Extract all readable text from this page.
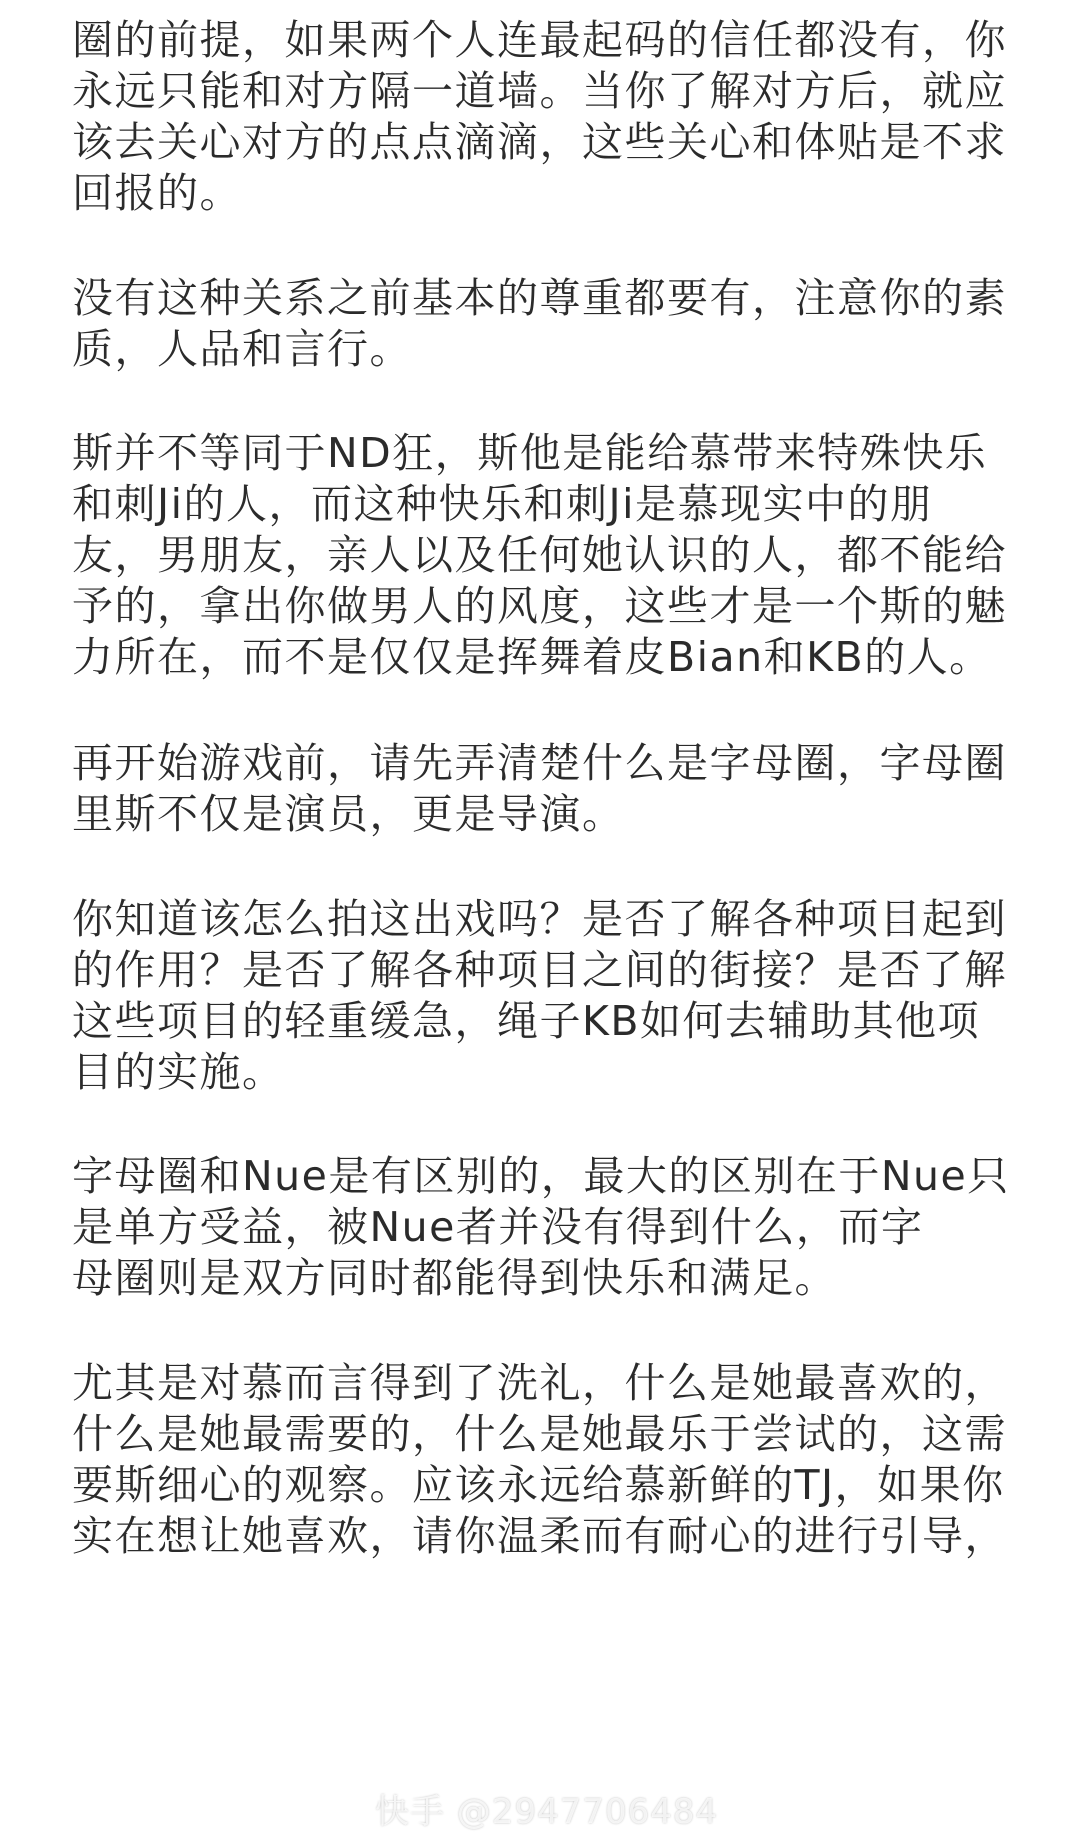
圈的前提，如果两个人连最起码的信任都没有，你
永远只能和对方隔一道墙。当你了解对方后，就应
该去关心对方的点点滴滴，这些关心和体贴是不求
回报的。
没有这种关系之前基本的尊重都要有，注意你的素
质，人品和言行。
斯并不等同于ND狂，斯他是能给慕带来特殊快乐
和刺Ji的人，而这种快乐和刺Ji是慕现实中的朋
友，男朋友，亲人以及任何她认识的人，都不能给
予的，拿出你做男人的风度，这些才是一个斯的魅
力所在，而不是仅仅是挥舞着皮Bian和KB的人。
再开始游戏前，请先弄清楚什么是字母圈，字母圈
里斯不仅是演员，更是导演。
你知道该怎么拍这出戏吗？是否了解各种项目起到
的作用？是否了解各种项目之间的街接？是否了解
这些项目的轻重缓急，绳子KB如何去辅助其他项
目的实施。
字母圈和Nue是有区别的，最大的区别在于Nue只
是单方受益，被Nue者并没有得到什么，而字
母圈则是双方同时都能得到快乐和满足。
尤其是对慕而言得到了洗礼，什么是她最喜欢的，
什么是她最需要的，什么是她最乐于尝试的，这需
要斯细心的观察。应该永远给慕新鲜的TJ，如果你
实在想让她喜欢，请你温柔而有耐心的进行引导，
快手 @2947706484
